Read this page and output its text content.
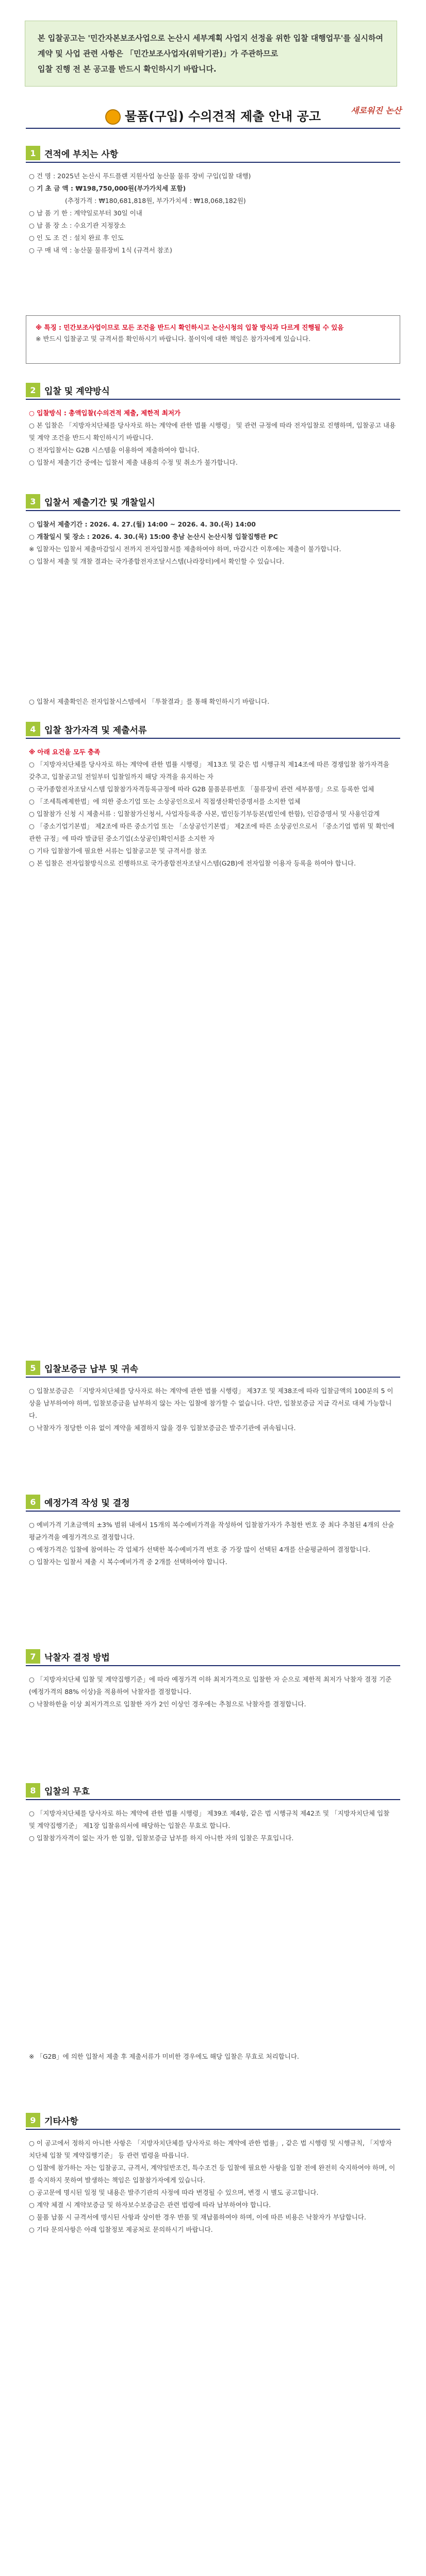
본 입찰공고는 '민간자본보조사업으로 논산시 세부계획 사업지 선정을 위한 입찰 대행업무'를 실시하여 계약 및 사업 관련 사항은 「민간보조사업자(위탁기관)」가 주관하므로
입찰 진행 전 본 공고를 반드시 확인하시기 바랍니다.
물품(구입) 수의견적 제출 안내 공고	새로워진 논산
1 견적에 부치는 사항

○ 건 명 : 2025년 논산시 푸드플랜 지원사업 농산물 물류 장비 구입(입찰 대행)

○ 기 초 금 액 : ₩198,750,000원(부가가치세 포함)

(추정가격 : ₩180,681,818원, 부가가치세 : ₩18,068,182원)

○ 납 품 기 한 : 계약일로부터 30일 이내

○ 납 품 장 소 : 수요기관 지정장소

○ 인 도 조 건 : 설치 완료 후 인도

○ 구 매 내 역 : 농산물 물류장비 1식 (규격서 참조)

※ 특징 : 민간보조사업이므로 모든 조건을 반드시 확인하시고 논산시청의 입찰 방식과 다르게 진행될 수 있음

※ 반드시 입찰공고 및 규격서를 확인하시기 바랍니다. 불이익에 대한 책임은 참가자에게 있습니다.

2 입찰 및 계약방식

○ 입찰방식 : 총액입찰(수의견적 제출, 제한적 최저가

○ 본 입찰은 「지방자치단체를 당사자로 하는 계약에 관한 법률 시행령」 및 관련 규정에 따라 전자입찰로 진행하며, 입찰공고 내용 및 계약 조건을 반드시 확인하시기 바랍니다.

○ 전자입찰서는 G2B 시스템을 이용하여 제출하여야 합니다.

○ 입찰서 제출기간 중에는 입찰서 제출 내용의 수정 및 취소가 불가합니다.

3 입찰서 제출기간 및 개찰일시

○ 입찰서 제출기간 : 2026. 4. 27.(월) 14:00 ~ 2026. 4. 30.(목) 14:00

○ 개찰일시 및 장소 : 2026. 4. 30.(목) 15:00 충남 논산시 논산시청 입찰집행관 PC

※ 입찰자는 입찰서 제출마감일시 전까지 전자입찰서를 제출하여야 하며, 마감시간 이후에는 제출이 불가합니다.

○ 입찰서 제출 및 개찰 결과는 국가종합전자조달시스템(나라장터)에서 확인할 수 있습니다.

○ 입찰서 제출확인은 전자입찰시스템에서 「투찰결과」를 통해 확인하시기 바랍니다.

4 입찰 참가자격 및 제출서류

※ 아래 요건을 모두 충족

○ 「지방자치단체를 당사자로 하는 계약에 관한 법률 시행령」 제13조 및 같은 법 시행규칙 제14조에 따른 경쟁입찰 참가자격을 갖추고, 입찰공고일 전일부터 입찰일까지 해당 자격을 유지하는 자

○ 국가종합전자조달시스템 입찰참가자격등록규정에 따라 G2B 물품분류번호 「물류장비 관련 세부품명」으로 등록한 업체

○ 「조세특례제한법」에 의한 중소기업 또는 소상공인으로서 직접생산확인증명서를 소지한 업체

○ 입찰참가 신청 시 제출서류 : 입찰참가신청서, 사업자등록증 사본, 법인등기부등본(법인에 한함), 인감증명서 및 사용인감계

○ 「중소기업기본법」 제2조에 따른 중소기업 또는 「소상공인기본법」 제2조에 따른 소상공인으로서 「중소기업 범위 및 확인에 관한 규정」에 따라 발급된 중소기업(소상공인)확인서를 소지한 자

○ 기타 입찰참가에 필요한 서류는 입찰공고문 및 규격서를 참조

○ 본 입찰은 전자입찰방식으로 진행하므로 국가종합전자조달시스템(G2B)에 전자입찰 이용자 등록을 하여야 합니다.

5 입찰보증금 납부 및 귀속

○ 입찰보증금은 「지방자치단체를 당사자로 하는 계약에 관한 법률 시행령」 제37조 및 제38조에 따라 입찰금액의 100분의 5 이상을 납부하여야 하며, 입찰보증금을 납부하지 않는 자는 입찰에 참가할 수 없습니다. 다만, 입찰보증금 지급 각서로 대체 가능합니다.

○ 낙찰자가 정당한 이유 없이 계약을 체결하지 않을 경우 입찰보증금은 발주기관에 귀속됩니다.

6 예정가격 작성 및 결정

○ 예비가격 기초금액의 ±3% 범위 내에서 15개의 복수예비가격을 작성하여 입찰참가자가 추첨한 번호 중 최다 추첨된 4개의 산술평균가격을 예정가격으로 결정합니다.

○ 예정가격은 입찰에 참여하는 각 업체가 선택한 복수예비가격 번호 중 가장 많이 선택된 4개를 산술평균하여 결정합니다.

○ 입찰자는 입찰서 제출 시 복수예비가격 중 2개를 선택하여야 합니다.

7 낙찰자 결정 방법

○ 「지방자치단체 입찰 및 계약집행기준」에 따라 예정가격 이하 최저가격으로 입찰한 자 순으로 제한적 최저가 낙찰자 결정 기준(예정가격의 88% 이상)을 적용하여 낙찰자를 결정합니다.

○ 낙찰하한율 이상 최저가격으로 입찰한 자가 2인 이상인 경우에는 추첨으로 낙찰자를 결정합니다.

8 입찰의 무효

○ 「지방자치단체를 당사자로 하는 계약에 관한 법률 시행령」 제39조 제4항, 같은 법 시행규칙 제42조 및 「지방자치단체 입찰 및 계약집행기준」 제1장 입찰유의서에 해당하는 입찰은 무효로 합니다.

○ 입찰참가자격이 없는 자가 한 입찰, 입찰보증금 납부를 하지 아니한 자의 입찰은 무효입니다.

※ 「G2B」에 의한 입찰서 제출 후 제출서류가 미비한 경우에도 해당 입찰은 무효로 처리합니다.

9 기타사항

○ 이 공고에서 정하지 아니한 사항은 「지방자치단체를 당사자로 하는 계약에 관한 법률」, 같은 법 시행령 및 시행규칙, 「지방자치단체 입찰 및 계약집행기준」 등 관련 법령을 따릅니다.

○ 입찰에 참가하는 자는 입찰공고, 규격서, 계약일반조건, 특수조건 등 입찰에 필요한 사항을 입찰 전에 완전히 숙지하여야 하며, 이를 숙지하지 못하여 발생하는 책임은 입찰참가자에게 있습니다.

○ 공고문에 명시된 일정 및 내용은 발주기관의 사정에 따라 변경될 수 있으며, 변경 시 별도 공고합니다.

○ 계약 체결 시 계약보증금 및 하자보수보증금은 관련 법령에 따라 납부하여야 합니다.

○ 물품 납품 시 규격서에 명시된 사항과 상이한 경우 반품 및 재납품하여야 하며, 이에 따른 비용은 낙찰자가 부담합니다.

○ 기타 문의사항은 아래 입찰정보 제공처로 문의하시기 바랍니다.
